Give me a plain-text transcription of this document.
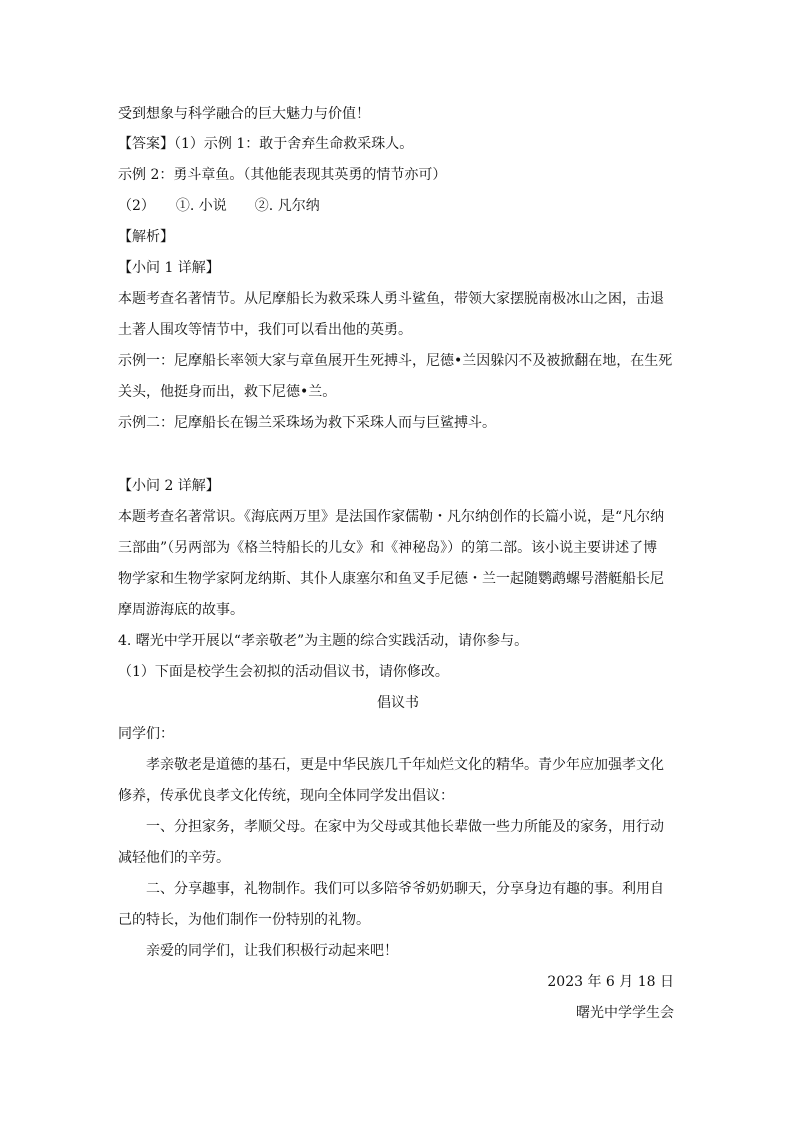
受到想象与科学融合的巨大魅力与价值！
【答案】（1）示例 1：敢于舍弃生命救采珠人。
示例 2：勇斗章鱼。（其他能表现其英勇的情节亦可）
（2）　　①. 小说　　②. 凡尔纳
【解析】
【小问 1 详解】
本题考查名著情节。从尼摩船长为救采珠人勇斗鲨鱼，带领大家摆脱南极冰山之困，击退
土著人围攻等情节中，我们可以看出他的英勇。
示例一：尼摩船长率领大家与章鱼展开生死搏斗，尼德•兰因躲闪不及被掀翻在地，在生死
关头，他挺身而出，救下尼德•兰。
示例二：尼摩船长在锡兰采珠场为救下采珠人而与巨鲨搏斗。
【小问 2 详解】
本题考查名著常识。《海底两万里》是法国作家儒勒・凡尔纳创作的长篇小说，是“凡尔纳
三部曲”（另两部为《格兰特船长的儿女》和《神秘岛》）的第二部。该小说主要讲述了博
物学家和生物学家阿龙纳斯、其仆人康塞尔和鱼叉手尼德・兰一起随鹦鹉螺号潜艇船长尼
摩周游海底的故事。
4. 曙光中学开展以“孝亲敬老”为主题的综合实践活动，请你参与。
（1）下面是校学生会初拟的活动倡议书，请你修改。
倡议书
同学们：
孝亲敬老是道德的基石，更是中华民族几千年灿烂文化的精华。青少年应加强孝文化
修养，传承优良孝文化传统，现向全体同学发出倡议：
一、分担家务，孝顺父母。在家中为父母或其他长辈做一些力所能及的家务，用行动
减轻他们的辛劳。
二、分享趣事，礼物制作。我们可以多陪爷爷奶奶聊天，分享身边有趣的事。利用自
己的特长，为他们制作一份特别的礼物。
亲爱的同学们，让我们积极行动起来吧！
2023 年 6 月 18 日
曙光中学学生会
